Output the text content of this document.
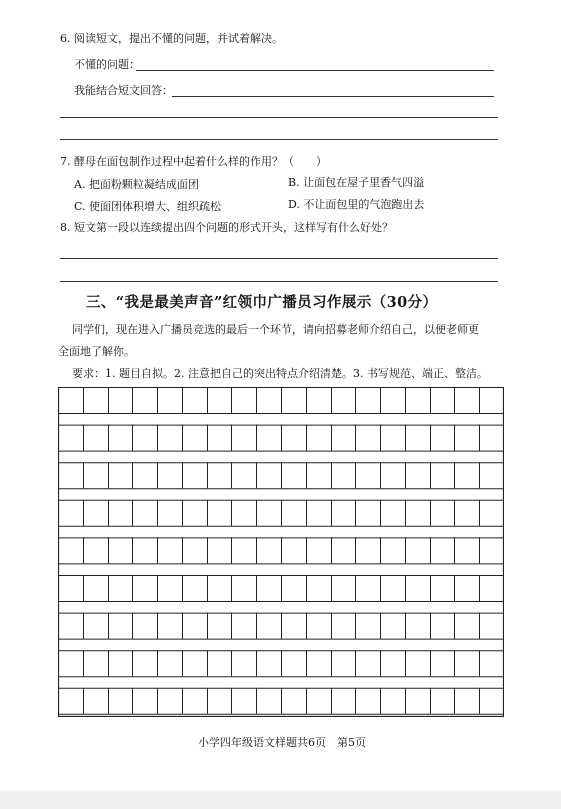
6. 阅读短文，提出不懂的问题，并试着解决。
不懂的问题：
我能结合短文回答：
7. 酵母在面包制作过程中起着什么样的作用？（　　）
A. 把面粉颗粒凝结成面团	B. 让面包在屋子里香气四溢
C. 使面团体积增大、组织疏松	D. 不让面包里的气泡跑出去
8. 短文第一段以连续提出四个问题的形式开头，这样写有什么好处？
三、“我是最美声音”红领巾广播员习作展示（30分）
同学们，现在进入广播员竞选的最后一个环节，请向招募老师介绍自己，以便老师更
全面地了解你。
要求：1. 题目自拟。2. 注意把自己的突出特点介绍清楚。3. 书写规范、端正、整洁。
小学四年级语文样题共6页　第5页
